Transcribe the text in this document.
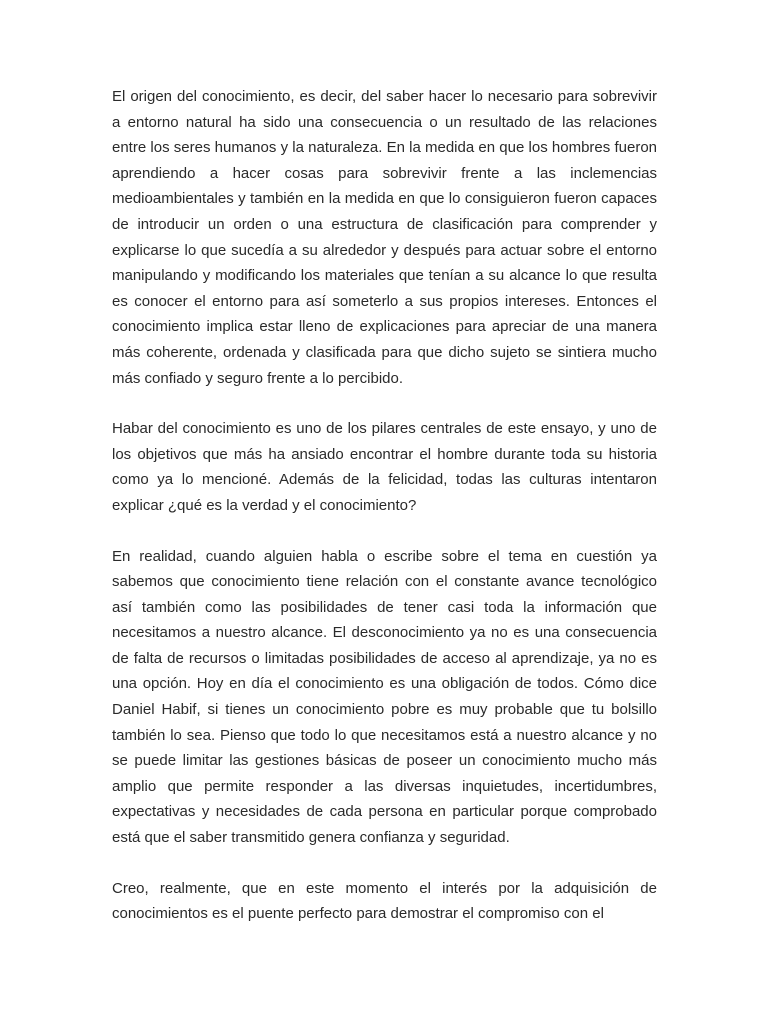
El origen del conocimiento, es decir, del saber hacer lo necesario para sobrevivir a entorno natural ha sido una consecuencia o un resultado de las relaciones entre los seres humanos y la naturaleza. En la medida en que los hombres fueron aprendiendo a hacer cosas para sobrevivir frente a las inclemencias medioambientales y también en la medida en que lo consiguieron fueron capaces de introducir un orden o una estructura de clasificación para comprender y explicarse lo que sucedía a su alrededor y después para actuar sobre el entorno manipulando y modificando los materiales que tenían a su alcance lo que resulta es conocer el entorno para así someterlo a sus propios intereses. Entonces el conocimiento implica estar lleno de explicaciones para apreciar de una manera más coherente, ordenada y clasificada para que dicho sujeto se sintiera mucho más confiado y seguro frente a lo percibido.

Habar del conocimiento es uno de los pilares centrales de este ensayo, y uno de los objetivos que más ha ansiado encontrar el hombre durante toda su historia como ya lo mencioné. Además de la felicidad, todas las culturas intentaron explicar ¿qué es la verdad y el conocimiento?

En realidad, cuando alguien habla o escribe sobre el tema en cuestión ya sabemos que conocimiento tiene relación con el constante avance tecnológico así también como las posibilidades de tener casi toda la información que necesitamos a nuestro alcance. El desconocimiento ya no es una consecuencia de falta de recursos o limitadas posibilidades de acceso al aprendizaje, ya no es una opción. Hoy en día el conocimiento es una obligación de todos. Cómo dice Daniel Habif, si tienes un conocimiento pobre es muy probable que tu bolsillo también lo sea. Pienso que todo lo que necesitamos está a nuestro alcance y no se puede limitar las gestiones básicas de poseer un conocimiento mucho más amplio que permite responder a las diversas inquietudes, incertidumbres, expectativas y necesidades de cada persona en particular porque comprobado está que el saber transmitido genera confianza y seguridad.

Creo, realmente, que en este momento el interés por la adquisición de conocimientos es el puente perfecto para demostrar el compromiso con el
